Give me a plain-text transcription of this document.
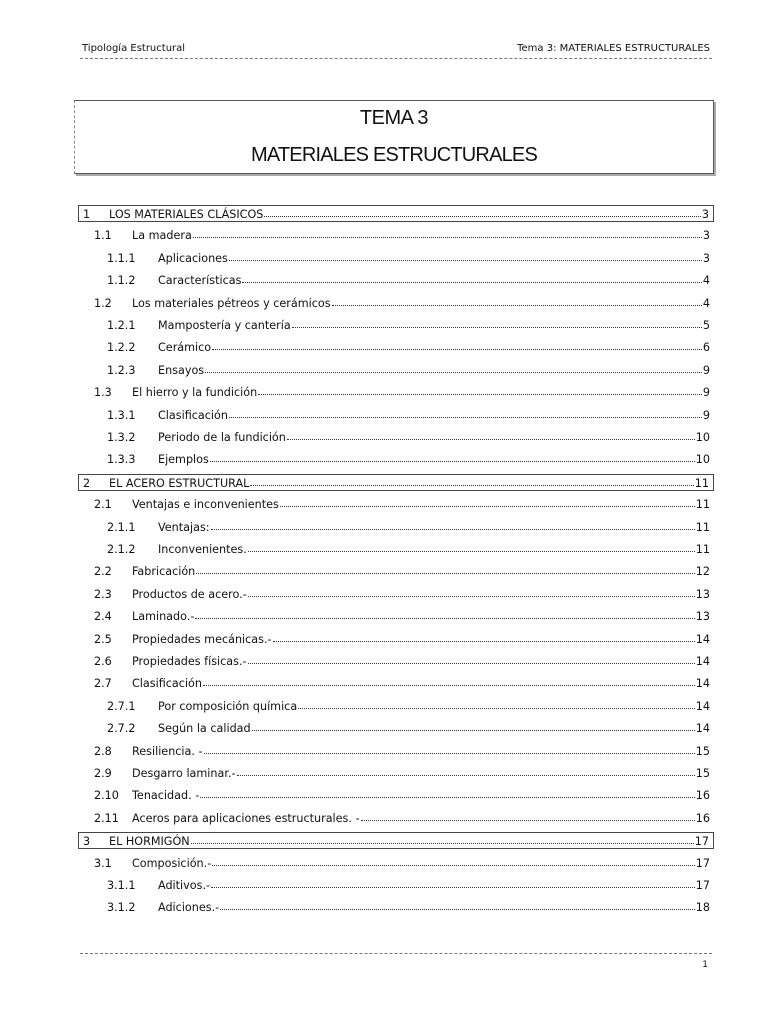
Tipología Estructural	Tema 3: MATERIALES ESTRUCTURALES
TEMA 3
MATERIALES ESTRUCTURALES
1	LOS MATERIALES CLÁSICOS	3
1.1	La madera	3
1.1.1	Aplicaciones	3
1.1.2	Características	4
1.2	Los materiales pétreos y cerámicos	4
1.2.1	Mampostería y cantería	5
1.2.2	Cerámico	6
1.2.3	Ensayos	9
1.3	El hierro y la fundición	9
1.3.1	Clasificación	9
1.3.2	Periodo de la fundición	10
1.3.3	Ejemplos	10
2	EL ACERO ESTRUCTURAL	11
2.1	Ventajas e inconvenientes	11
2.1.1	Ventajas:	11
2.1.2	Inconvenientes.	11
2.2	Fabricación	12
2.3	Productos de acero.-	13
2.4	Laminado.-	13
2.5	Propiedades mecánicas.-	14
2.6	Propiedades físicas.-	14
2.7	Clasificación	14
2.7.1	Por composición química	14
2.7.2	Según la calidad	14
2.8	Resiliencia. -	15
2.9	Desgarro laminar.-	15
2.10	Tenacidad. -	16
2.11	Aceros para aplicaciones estructurales. -	16
3	EL HORMIGÓN	17
3.1	Composición.-	17
3.1.1	Aditivos.-	17
3.1.2	Adiciones.-	18
1
